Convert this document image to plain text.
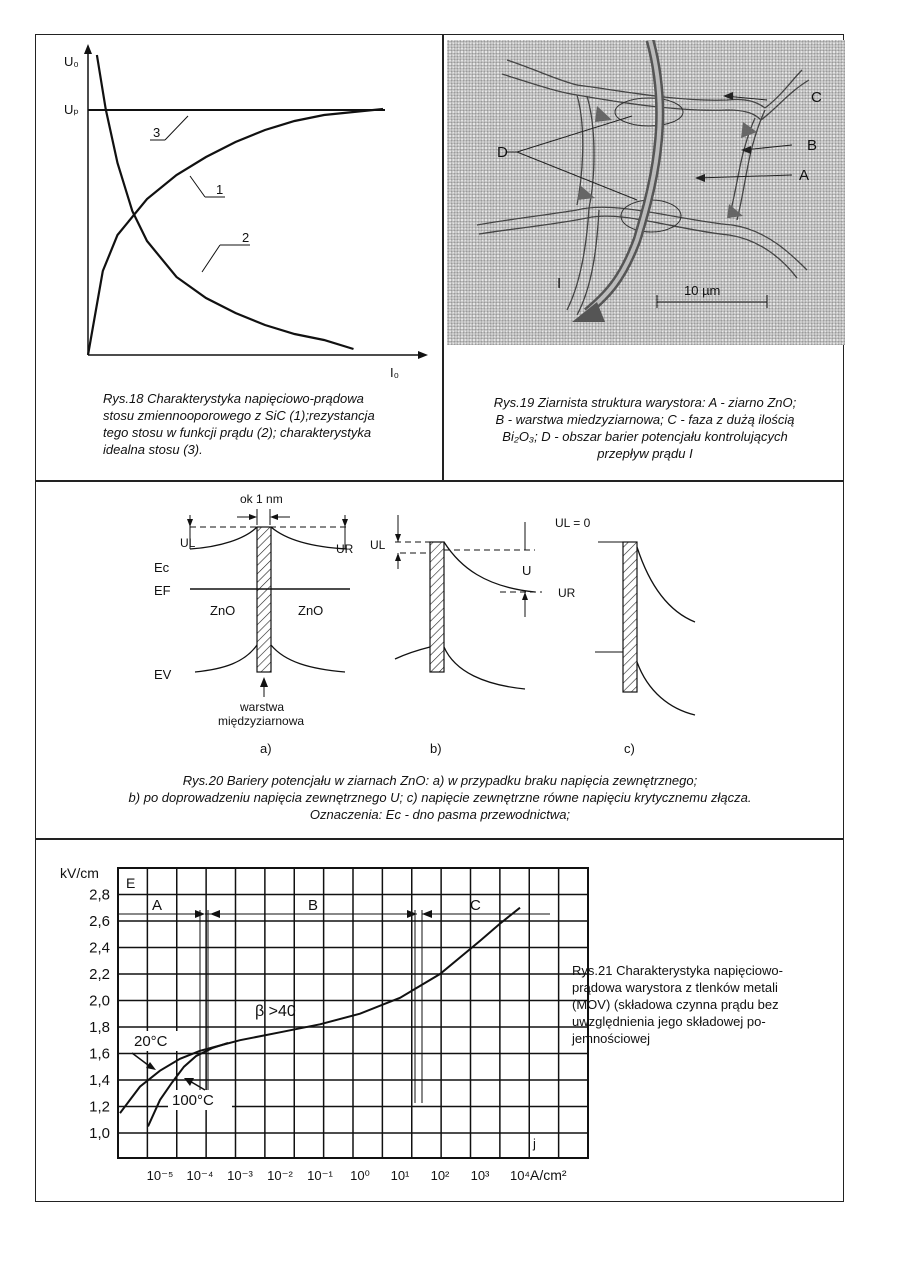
U₀
Uₚ
I₀
3
1
2
Rys.18 Charakterystyka napięciowo-prądowa
stosu zmiennooporowego z SiC (1);rezystancja
tego stosu w funkcji prądu (2); charakterystyka
idealna stosu (3).
C
B
A
D
I	10 µm
Rys.19 Ziarnista struktura warystora: A - ziarno ZnO;
B - warstwa miedzyziarnowa; C - faza z dużą ilością
Bi₂O₃; D - obszar barier potencjału kontrolujących
przepływ prądu I
ok 1 nm
UL	UR
Ec
EF
EV
ZnO	ZnO
warstwa
międzyziarnowa
a)
UL
U
UR
b)
UL = 0
c)
Rys.20 Bariery potencjału w ziarnach ZnO: a) w przypadku braku napięcia zewnętrznego;
b) po doprowadzeniu napięcia zewnętrznego U; c) napięcie zewnętrzne równe napięciu krytycznemu złącza.
Oznaczenia: Ec - dno pasma przewodnictwa;
2,8
2,6
2,4
2,2
2,0
1,8
1,6
1,4
1,2
1,0
10⁻⁵ 10⁻⁴ 10⁻³ 10⁻² 10⁻¹ 10⁰ 10¹ 10² 10³ 10⁴
kV/cm
E
j
A	B	C
β >40
20°C
100°C
A/cm²
Rys.21 Charakterystyka napięciowo-
prądowa warystora z tlenków metali
(MOV) (składowa czynna prądu bez
uwzględnienia jego składowej po-
jemnościowej
